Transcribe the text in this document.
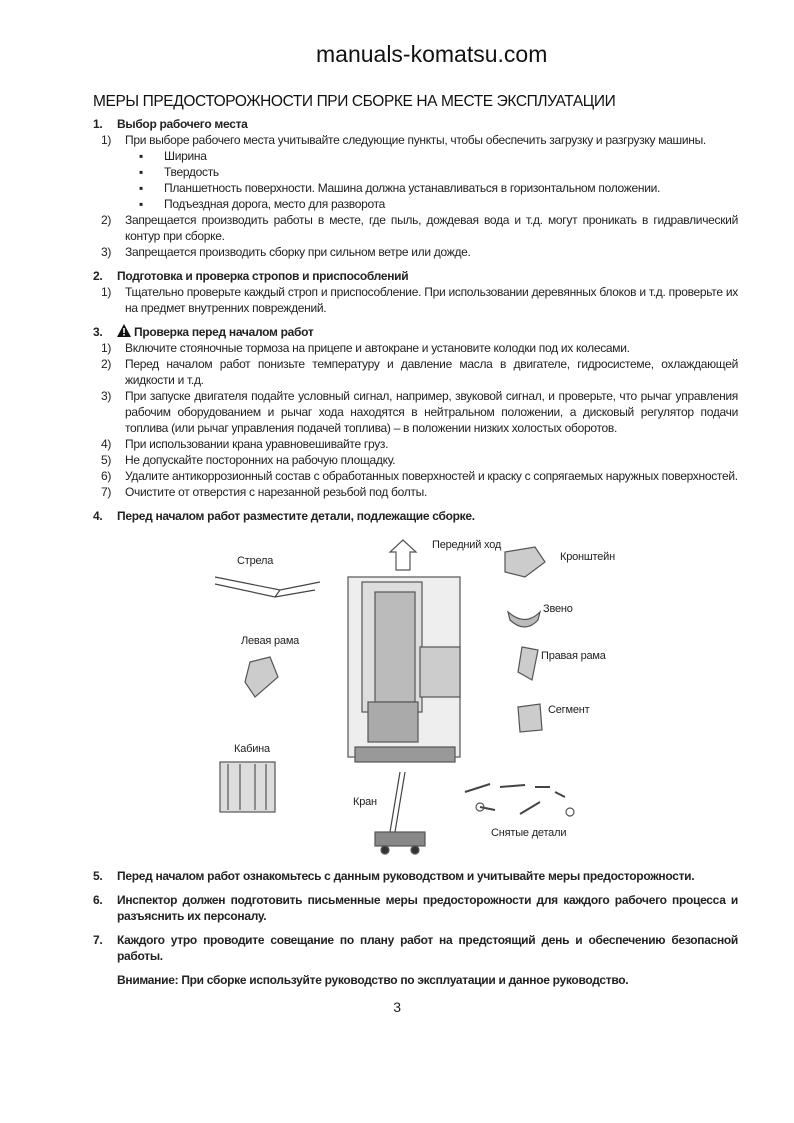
manuals-komatsu.com
МЕРЫ ПРЕДОСТОРОЖНОСТИ ПРИ СБОРКЕ НА МЕСТЕ ЭКСПЛУАТАЦИИ
1.	Выбор рабочего места
1)	При выборе рабочего места учитывайте следующие пункты, чтобы обеспечить загрузку и разгрузку машины.
▪	Ширина
▪	Твердость
▪	Планшетность поверхности. Машина должна устанавливаться в горизонтальном положении.
▪	Подъездная дорога, место для разворота
2)	Запрещается производить работы в месте, где пыль, дождевая вода и т.д. могут проникать в гидравлический контур при сборке.
3)	Запрещается производить сборку при сильном ветре или дожде.
2.	Подготовка и проверка стропов и приспособлений
1)	Тщательно проверьте каждый строп и приспособление. При использовании деревянных блоков и т.д. проверьте их на предмет внутренних повреждений.
3.	Проверка перед началом работ
1)	Включите стояночные тормоза на прицепе и автокране и установите колодки под их колесами.
2)	Перед началом работ понизьте температуру и давление масла в двигателе, гидросистеме, охлаждающей жидкости и т.д.
3)	При запуске двигателя подайте условный сигнал, например, звуковой сигнал, и проверьте, что рычаг управления рабочим оборудованием и рычаг хода находятся в нейтральном положении, а дисковый регулятор подачи топлива (или рычаг управления подачей топлива) – в положении низких холостых оборотов.
4)	При использовании крана уравновешивайте груз.
5)	Не допускайте посторонних на рабочую площадку.
6)	Удалите антикоррозионный состав с обработанных поверхностей и краску с сопрягаемых наружных поверхностей.
7)	Очистите от отверстия с нарезанной резьбой под болты.
4.	Перед началом работ разместите детали, подлежащие сборке.
Передний ход
Стрела	Кронштейн
Звено
Левая рама
Правая рама
Сегмент
Кабина
Кран
Снятые детали
5.	Перед началом работ ознакомьтесь с данным руководством и учитывайте меры предосторожности.
6.	Инспектор должен подготовить письменные меры предосторожности для каждого рабочего процесса и разъяснить их персоналу.
7.	Каждого утро проводите совещание по плану работ на предстоящий день и обеспечению безопасной работы.
Внимание: При сборке используйте руководство по эксплуатации и данное руководство.
3
